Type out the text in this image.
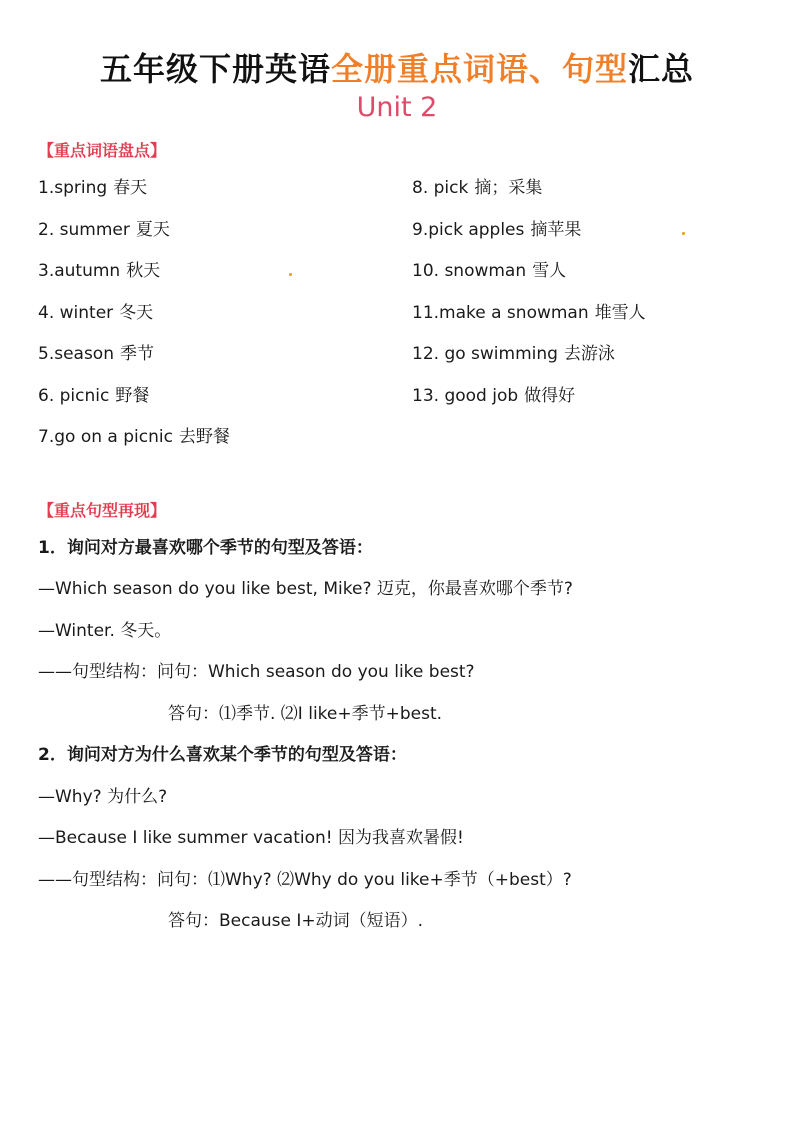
五年级下册英语全册重点词语、句型汇总
Unit 2
【重点词语盘点】
1.spring 春天
2. summer 夏天
3.autumn 秋天
4. winter 冬天
5.season 季节
6. picnic 野餐
7.go on a picnic 去野餐
8. pick 摘；采集
9.pick apples 摘苹果
10. snowman 雪人
11.make a snowman 堆雪人
12. go swimming 去游泳
13. good job 做得好
【重点句型再现】
1．询问对方最喜欢哪个季节的句型及答语：
—Which season do you like best, Mike? 迈克，你最喜欢哪个季节?
—Winter. 冬天。
——句型结构：问句：Which season do you like best?
答句：⑴季节. ⑵I like+季节+best.
2．询问对方为什么喜欢某个季节的句型及答语：
—Why? 为什么?
—Because I like summer vacation! 因为我喜欢暑假!
——句型结构：问句：⑴Why? ⑵Why do you like+季节（+best）?
答句：Because I+动词（短语）.
